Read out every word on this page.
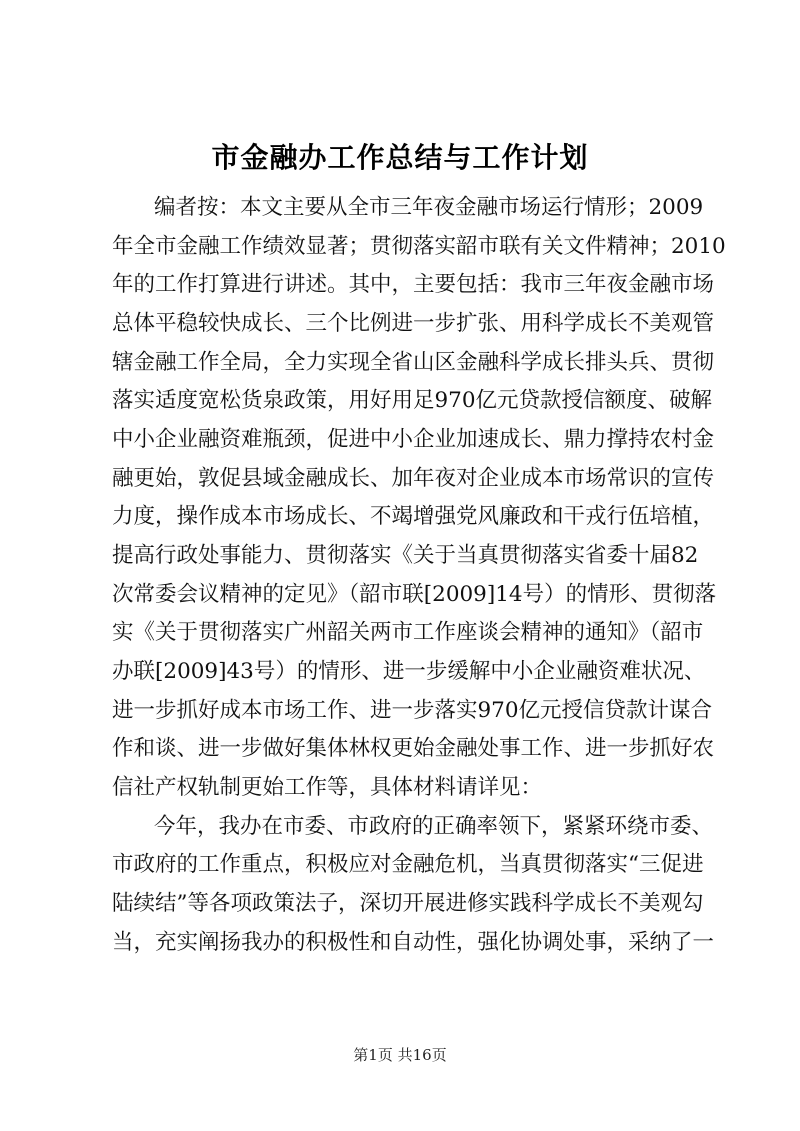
市金融办工作总结与工作计划
编者按：本文主要从全市三年夜金融市场运行情形；2009
年全市金融工作绩效显著；贯彻落实韶市联有关文件精神；2010
年的工作打算进行讲述。其中，主要包括：我市三年夜金融市场
总体平稳较快成长、三个比例进一步扩张、用科学成长不美观管
辖金融工作全局，全力实现全省山区金融科学成长排头兵、贯彻
落实适度宽松货泉政策，用好用足970亿元贷款授信额度、破解
中小企业融资难瓶颈，促进中小企业加速成长、鼎力撑持农村金
融更始，敦促县域金融成长、加年夜对企业成本市场常识的宣传
力度，操作成本市场成长、不竭增强党风廉政和干戎行伍培植，
提高行政处事能力、贯彻落实《关于当真贯彻落实省委十届82
次常委会议精神的定见》（韶市联[2009]14号）的情形、贯彻落
实《关于贯彻落实广州韶关两市工作座谈会精神的通知》（韶市
办联[2009]43号）的情形、进一步缓解中小企业融资难状况、
进一步抓好成本市场工作、进一步落实970亿元授信贷款计谋合
作和谈、进一步做好集体林权更始金融处事工作、进一步抓好农
信社产权轨制更始工作等，具体材料请详见：
今年，我办在市委、市政府的正确率领下，紧紧环绕市委、
市政府的工作重点，积极应对金融危机，当真贯彻落实“三促进
陆续结”等各项政策法子，深切开展进修实践科学成长不美观勾
当，充实阐扬我办的积极性和自动性，强化协调处事，采纳了一
第1页 共16页
